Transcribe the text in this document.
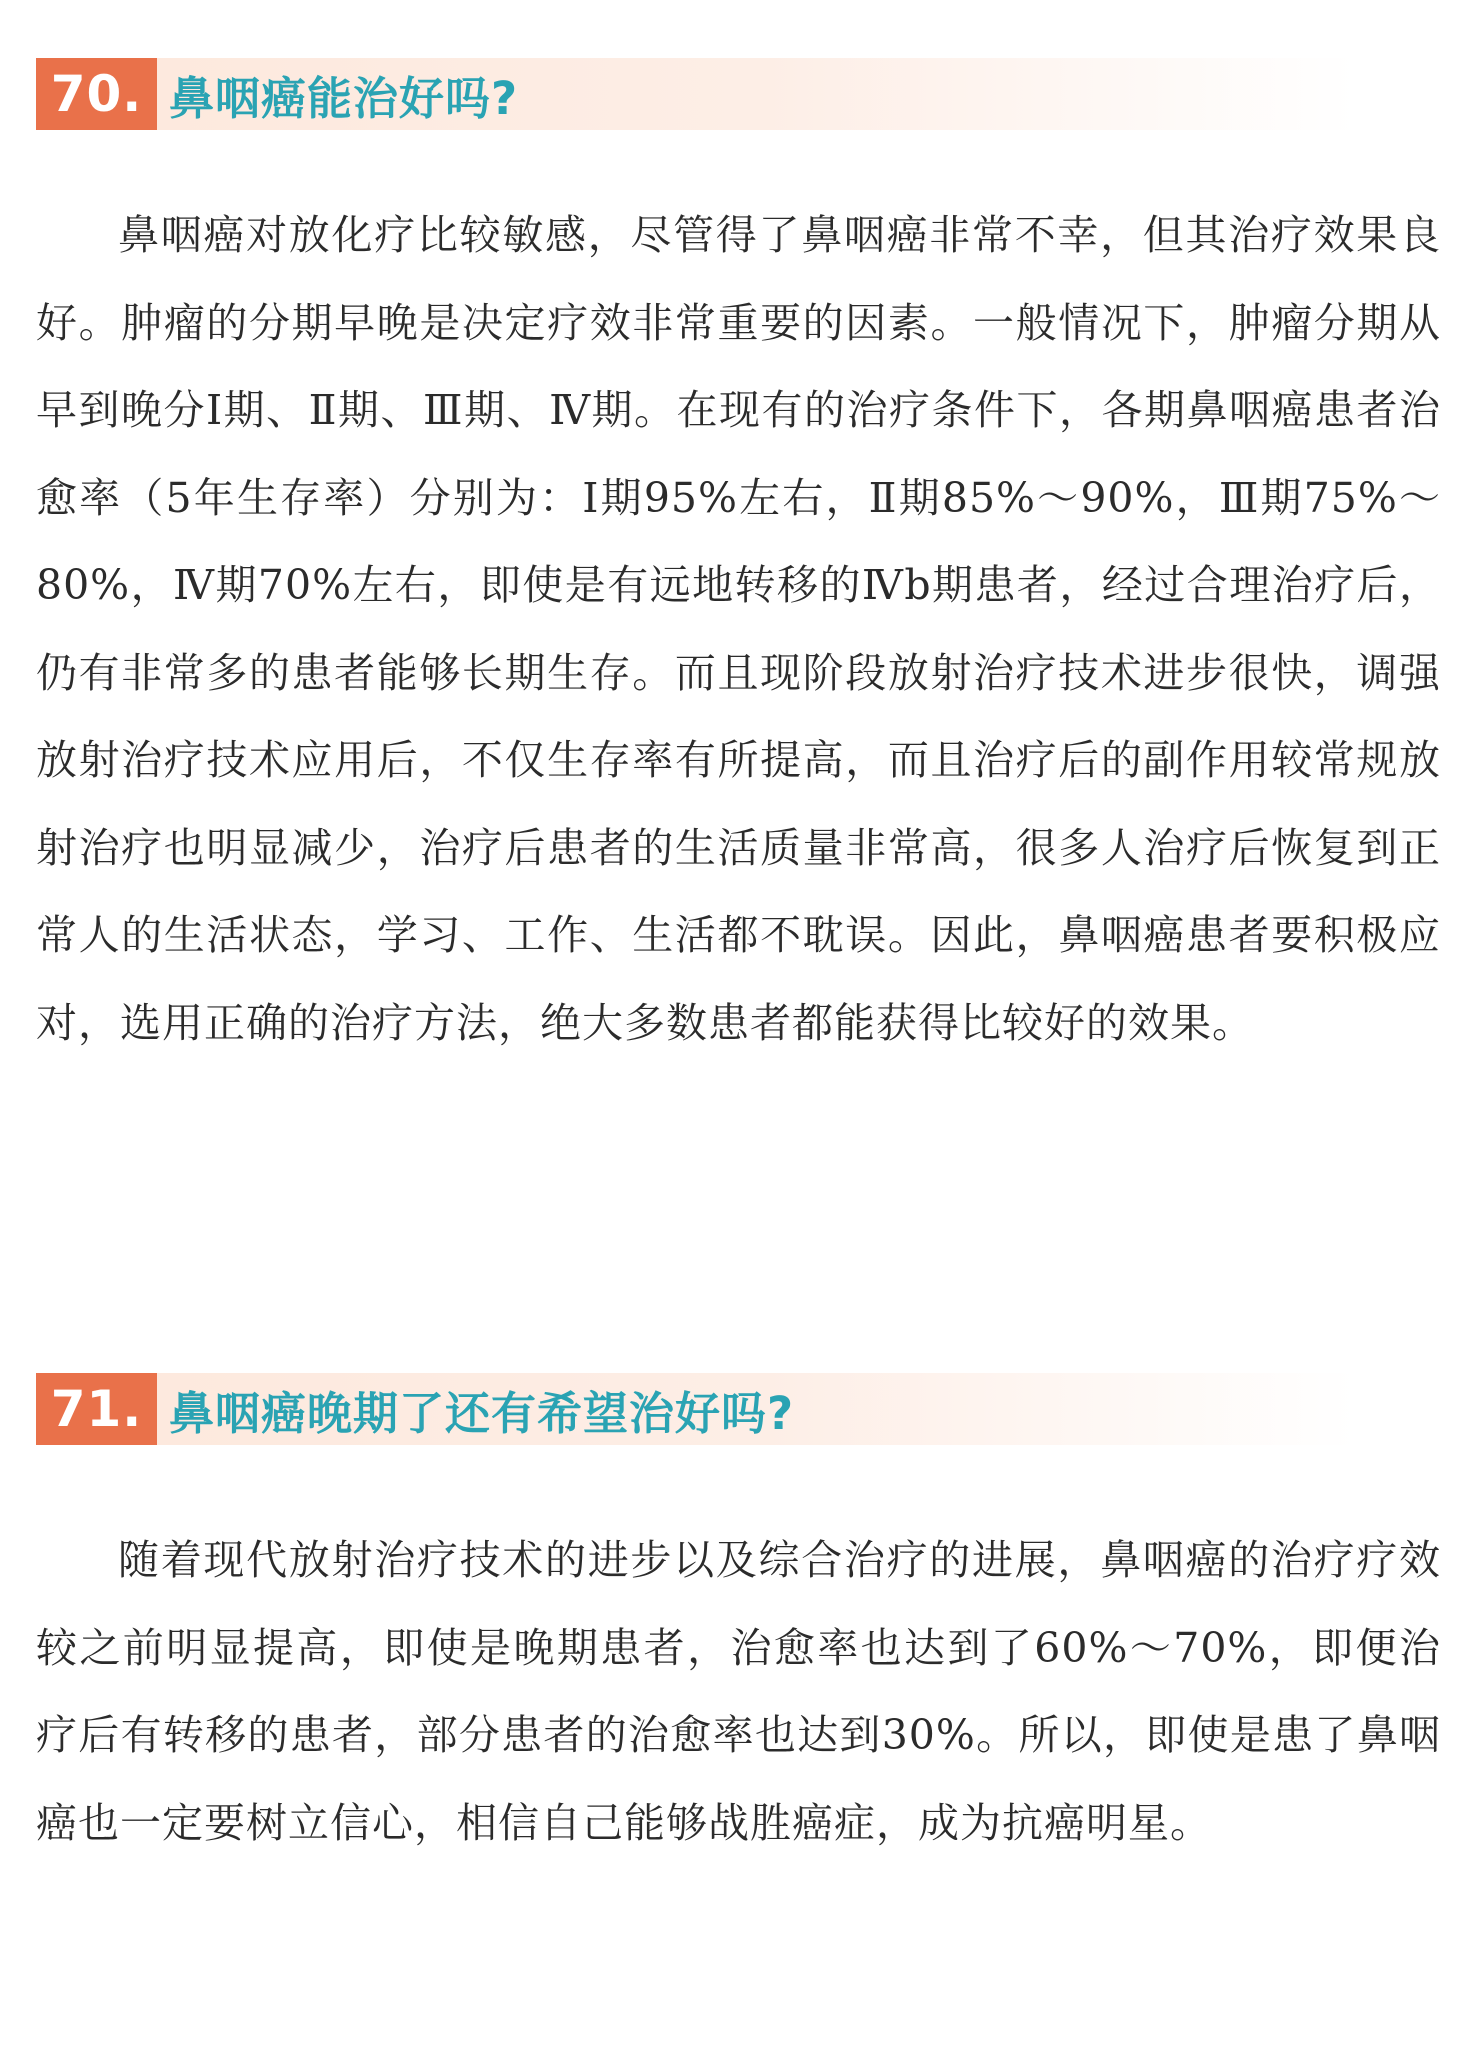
70. 鼻咽癌能治好吗?

鼻咽癌对放化疗比较敏感，尽管得了鼻咽癌非常不幸，但其治疗效果良好。肿瘤的分期早晚是决定疗效非常重要的因素。一般情况下，肿瘤分期从早到晚分Ⅰ期、Ⅱ期、Ⅲ期、Ⅳ期。在现有的治疗条件下，各期鼻咽癌患者治愈率（5年生存率）分别为：Ⅰ期95%左右，Ⅱ期85%～90%，Ⅲ期75%～80%，Ⅳ期70%左右，即使是有远地转移的Ⅳb期患者，经过合理治疗后，仍有非常多的患者能够长期生存。而且现阶段放射治疗技术进步很快，调强放射治疗技术应用后，不仅生存率有所提高，而且治疗后的副作用较常规放射治疗也明显减少，治疗后患者的生活质量非常高，很多人治疗后恢复到正常人的生活状态，学习、工作、生活都不耽误。因此，鼻咽癌患者要积极应对，选用正确的治疗方法，绝大多数患者都能获得比较好的效果。

71. 鼻咽癌晚期了还有希望治好吗?

随着现代放射治疗技术的进步以及综合治疗的进展，鼻咽癌的治疗疗效较之前明显提高，即使是晚期患者，治愈率也达到了60%～70%，即便治疗后有转移的患者，部分患者的治愈率也达到30%。所以，即使是患了鼻咽癌也一定要树立信心，相信自己能够战胜癌症，成为抗癌明星。
